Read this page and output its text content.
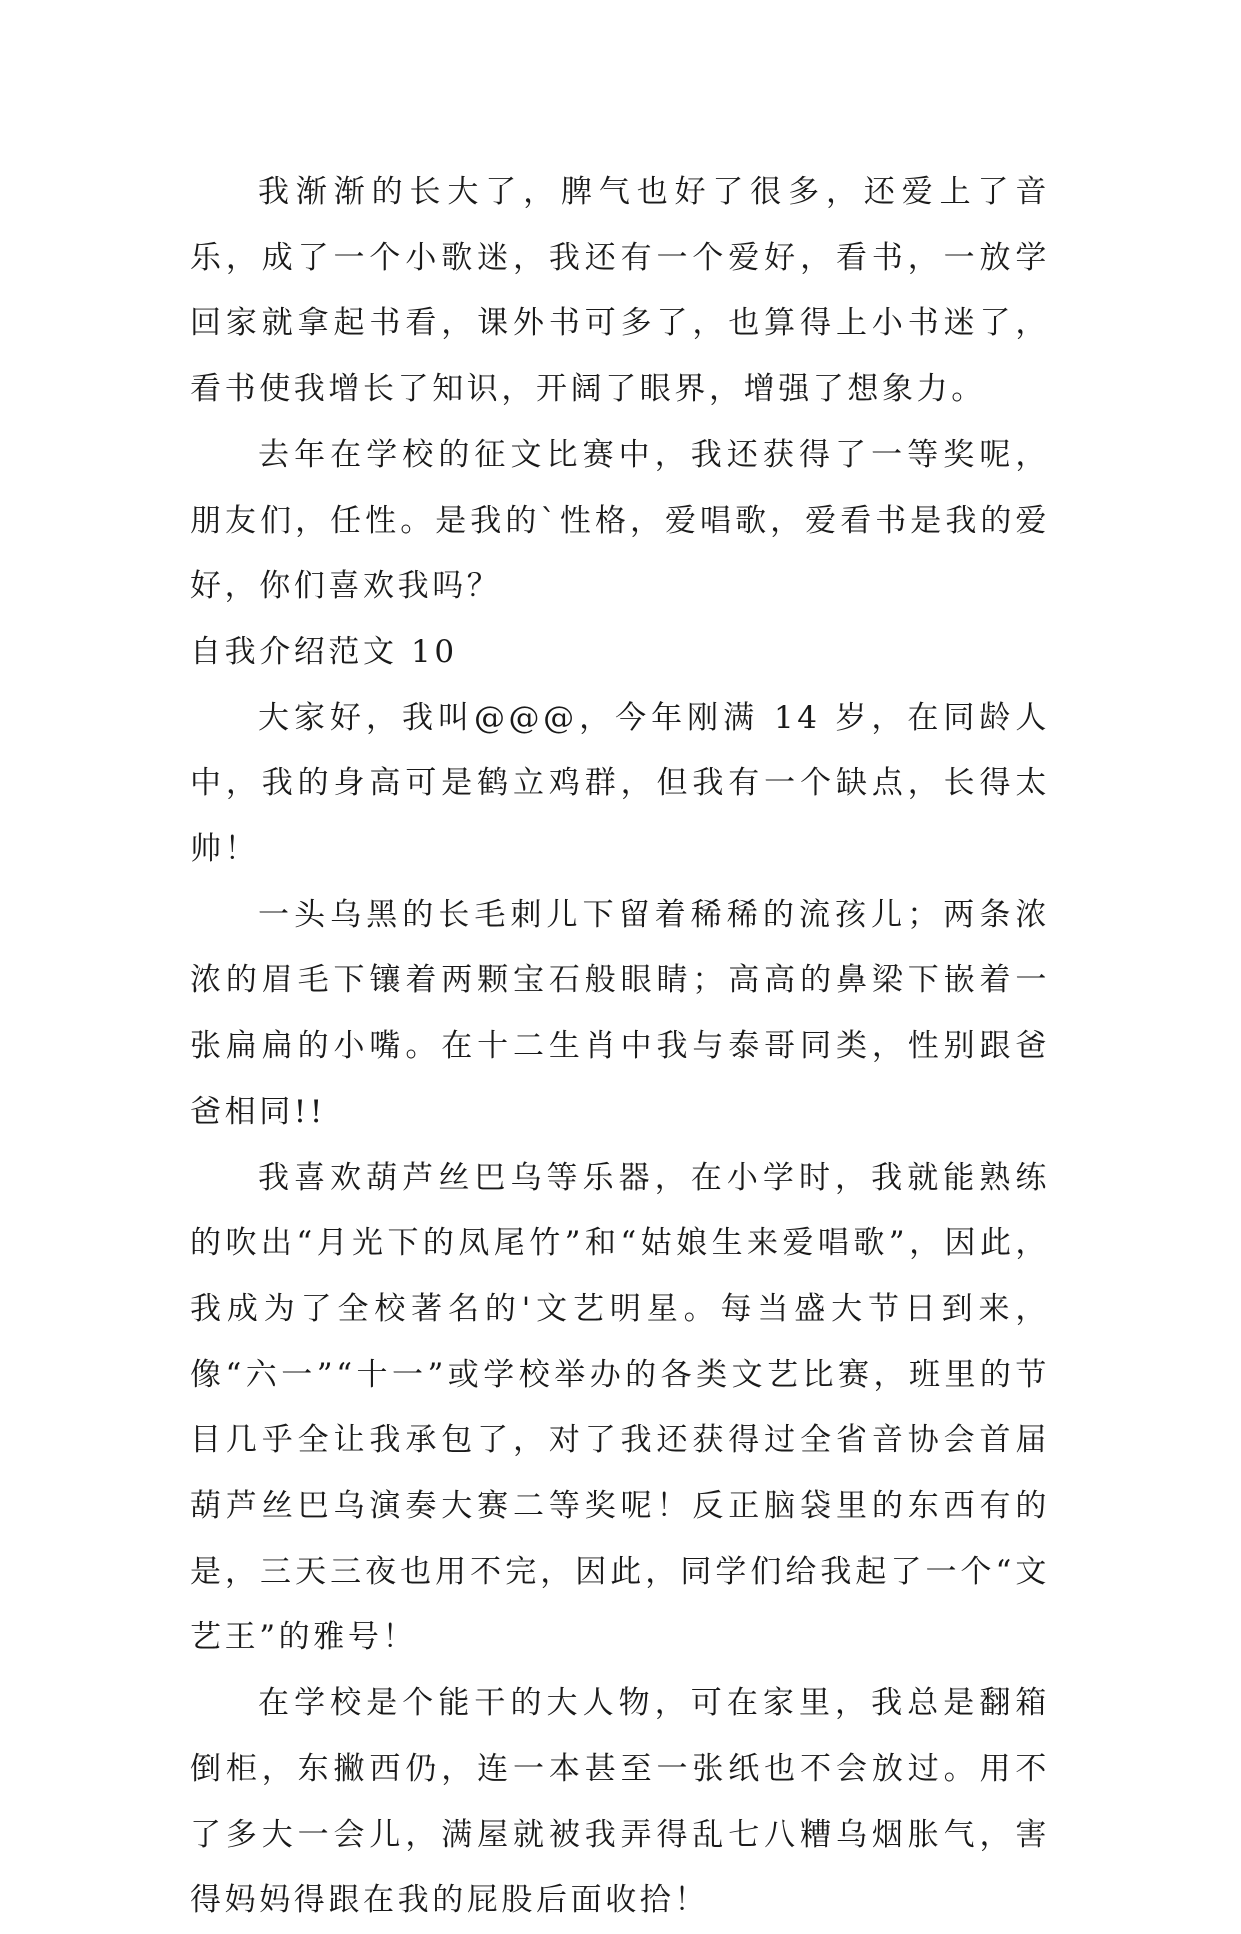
我渐渐的长大了，脾气也好了很多，还爱上了音乐，成了一个小歌迷，我还有一个爱好，看书，一放学回家就拿起书看，课外书可多了，也算得上小书迷了，看书使我增长了知识，开阔了眼界，增强了想象力。

去年在学校的征文比赛中，我还获得了一等奖呢，朋友们，任性。是我的`性格，爱唱歌，爱看书是我的爱好，你们喜欢我吗？

自我介绍范文 10

大家好，我叫@@@，今年刚满 14 岁，在同龄人中，我的身高可是鹤立鸡群，但我有一个缺点，长得太帅！

一头乌黑的长毛刺儿下留着稀稀的流孩儿；两条浓浓的眉毛下镶着两颗宝石般眼睛；高高的鼻梁下嵌着一张扁扁的小嘴。在十二生肖中我与泰哥同类，性别跟爸爸相同!!

我喜欢葫芦丝巴乌等乐器，在小学时，我就能熟练的吹出“月光下的凤尾竹”和“姑娘生来爱唱歌”，因此，我成为了全校著名的'文艺明星。每当盛大节日到来，像“六一”“十一”或学校举办的各类文艺比赛，班里的节目几乎全让我承包了，对了我还获得过全省音协会首届葫芦丝巴乌演奏大赛二等奖呢！反正脑袋里的东西有的是，三天三夜也用不完，因此，同学们给我起了一个“文艺王”的雅号！

在学校是个能干的大人物，可在家里，我总是翻箱倒柜，东撇西仍，连一本甚至一张纸也不会放过。用不了多大一会儿，满屋就被我弄得乱七八糟乌烟胀气，害得妈妈得跟在我的屁股后面收拾！
